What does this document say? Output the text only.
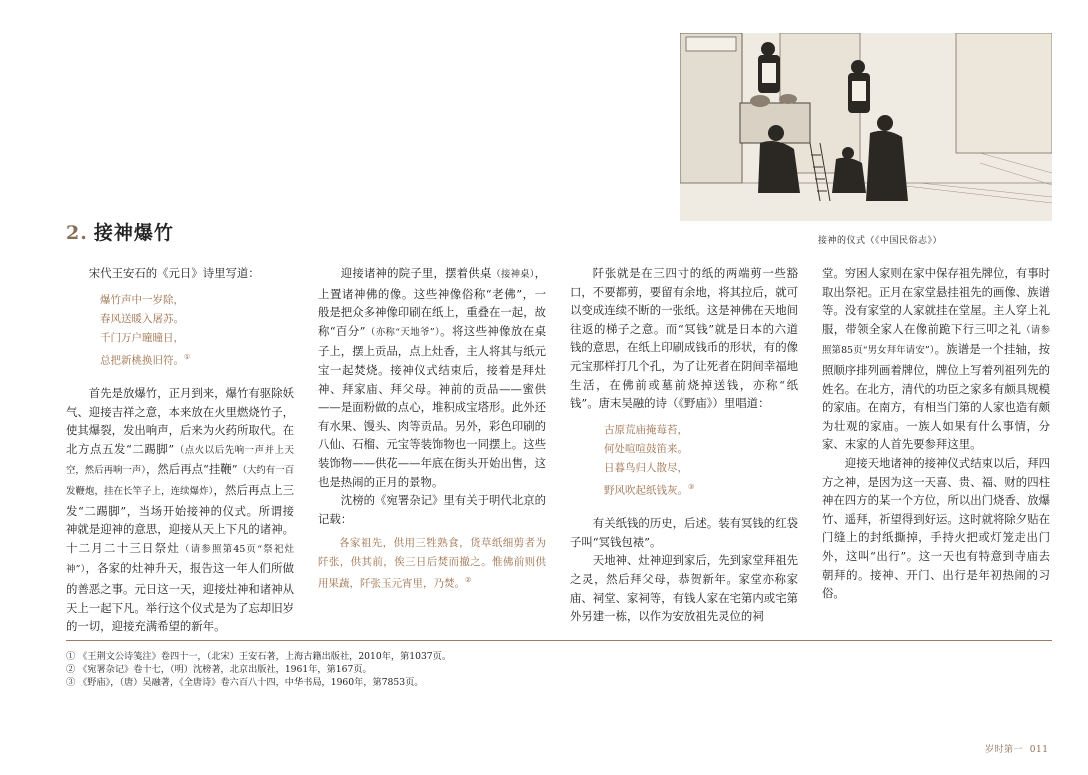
接神的仪式（《中国民俗志》）
2. 接神爆竹

宋代王安石的《元日》诗里写道：

爆竹声中一岁除，
春风送暖入屠苏。
千门万户曈曈日，
总把新桃换旧符。①

首先是放爆竹，正月到来，爆竹有驱除妖气、迎接吉祥之意，本来放在火里燃烧竹子，使其爆裂，发出响声，后来为火药所取代。在北方点五发“二踢脚”（点火以后先响一声并上天空，然后再响一声），然后再点“挂鞭”（大约有一百发鞭炮，挂在长竿子上，连续爆炸），然后再点上三发“二踢脚”，当场开始接神的仪式。所谓接神就是迎神的意思，迎接从天上下凡的诸神。十二月二十三日祭灶（请参照第45页“祭祀灶神”），各家的灶神升天，报告这一年人们所做的善恶之事。元日这一天，迎接灶神和诸神从天上一起下凡。举行这个仪式是为了忘却旧岁的一切，迎接充满希望的新年。

迎接诸神的院子里，摆着供桌（接神桌），上置诸神佛的像。这些神像俗称“老佛”，一般是把众多神像印刷在纸上，重叠在一起，故称“百分”（亦称“天地爷”）。将这些神像放在桌子上，摆上贡品，点上灶香，主人将其与纸元宝一起焚烧。接神仪式结束后，接着是拜灶神、拜家庙、拜父母。神前的贡品——蜜供——是面粉做的点心，堆积成宝塔形。此外还有水果、馒头、肉等贡品。另外，彩色印刷的八仙、石榴、元宝等装饰物也一同摆上。这些装饰物——供花——年底在街头开始出售，这也是热闹的正月的景物。

沈榜的《宛署杂记》里有关于明代北京的记载：

各家祖先，供用三牲熟食，货草纸细剪者为阡张，供其前，俟三日后焚而撤之。惟佛前则供用果蔬，阡张玉元宵里，乃焚。②

阡张就是在三四寸的纸的两端剪一些豁口，不要都剪，要留有余地，将其拉后，就可以变成连续不断的一张纸。这是神佛在天地间往返的梯子之意。而“冥钱”就是日本的六道钱的意思，在纸上印刷成钱币的形状，有的像元宝那样打几个孔，为了让死者在阴间幸福地生活，在佛前或墓前烧掉送钱，亦称“纸钱”。唐末吴融的诗（《野庙》）里唱道：

古原荒庙掩莓苔，
何处喧喧鼓笛来。
日暮鸟归人散尽，
野风吹起纸钱灰。③

有关纸钱的历史，后述。装有冥钱的红袋子叫“冥钱包裱”。

天地神、灶神迎到家后，先到家堂拜祖先之灵，然后拜父母，恭贺新年。家堂亦称家庙、祠堂、家祠等，有钱人家在宅第内或宅第外另建一栋，以作为安放祖先灵位的祠

堂。穷困人家则在家中保存祖先牌位，有事时取出祭祀。正月在家堂悬挂祖先的画像、族谱等。没有家堂的人家就挂在堂屋。主人穿上礼服，带领全家人在像前跪下行三叩之礼（请参照第85页“男女拜年请安”）。族谱是一个挂轴，按照顺序排列画着牌位，牌位上写着列祖列先的姓名。在北方，清代的功臣之家多有颇具规模的家庙。在南方，有相当门第的人家也造有颇为壮观的家庙。一族人如果有什么事情，分家、末家的人首先要参拜这里。

迎接天地诸神的接神仪式结束以后，拜四方之神，是因为这一天喜、贵、福、财的四柱神在四方的某一个方位，所以出门烧香、放爆竹、遥拜，祈望得到好运。这时就将除夕贴在门缝上的封纸撕掉，手持火把或灯笼走出门外，这叫“出行”。这一天也有特意到寺庙去朝拜的。接神、开门、出行是年初热闹的习俗。

① 《王荆文公诗笺注》卷四十一，（北宋）王安石著，上海古籍出版社，2010年，第1037页。
② 《宛署杂记》卷十七，（明）沈榜著，北京出版社，1961年，第167页。
③ 《野庙》，（唐）吴融著，《全唐诗》卷六百八十四，中华书局，1960年，第7853页。
岁时第一 011
